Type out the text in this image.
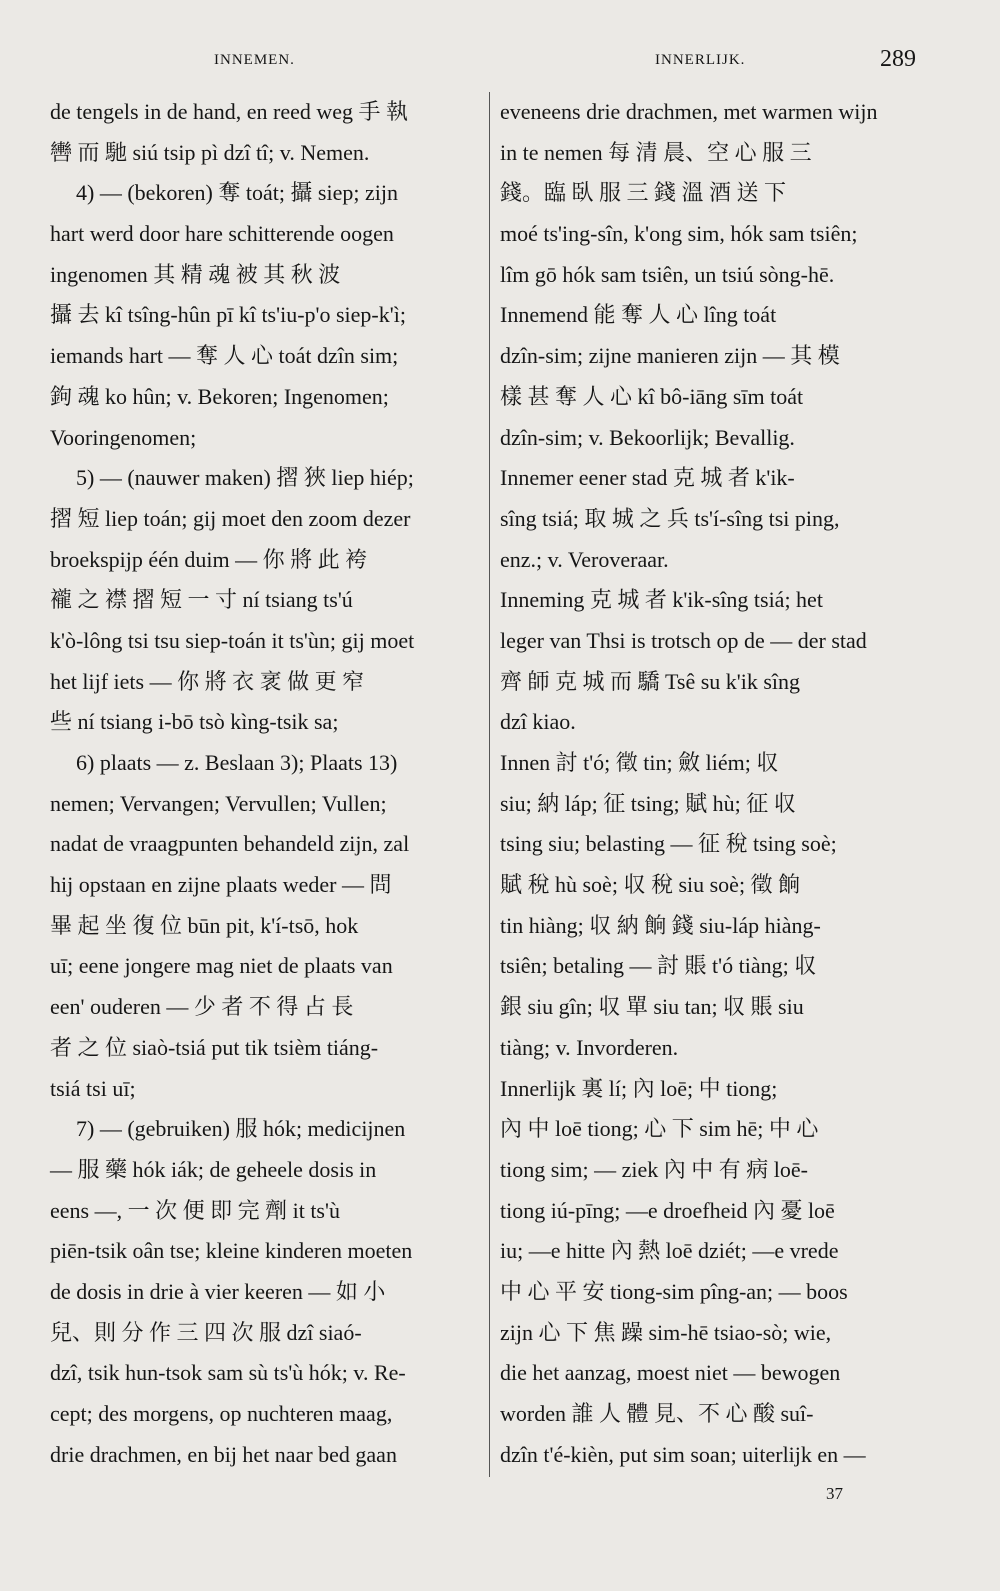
INNEMEN.	INNERLIJK.	289
de tengels in de hand, en reed weg 手 執
轡 而 馳 siú tsip pì dzî tî; v. Nemen.
4) — (bekoren) 奪 toát; 攝 siep; zijn
hart werd door hare schitterende oogen
ingenomen 其 精 魂 被 其 秋 波
攝 去 kî tsîng-hûn pī kî ts'iu-p'o siep-k'ì;
iemands hart — 奪 人 心 toát dzîn sim;
鉤 魂 ko hûn; v. Bekoren; Ingenomen;
Vooringenomen;
5) — (nauwer maken) 摺 狹 liep hiép;
摺 短 liep toán; gij moet den zoom dezer
broekspijp één duim — 你 將 此 袴
襱 之 襟 摺 短 一 寸 ní tsiang ts'ú
k'ò-lông tsi tsu siep-toán it ts'ùn; gij moet
het lijf iets — 你 將 衣 衺 做 更 窄
些 ní tsiang i-bō tsò kìng-tsik sa;
6) plaats — z. Beslaan 3); Plaats 13)
nemen; Vervangen; Vervullen; Vullen;
nadat de vraagpunten behandeld zijn, zal
hij opstaan en zijne plaats weder — 問
畢 起 坐 復 位 būn pit, k'í-tsō, hok
uī; eene jongere mag niet de plaats van
een' ouderen — 少 者 不 得 占 長
者 之 位 siaò-tsiá put tik tsièm tiáng-
tsiá tsi uī;
7) — (gebruiken) 服 hók; medicijnen
— 服 藥 hók iák; de geheele dosis in
eens —, 一 次 便 即 完 劑 it ts'ù
piēn-tsik oân tse; kleine kinderen moeten
de dosis in drie à vier keeren — 如 小
兒、則 分 作 三 四 次 服 dzî siaó-
dzî, tsik hun-tsok sam sù ts'ù hók; v. Re-
cept; des morgens, op nuchteren maag,
drie drachmen, en bij het naar bed gaan
eveneens drie drachmen, met warmen wijn
in te nemen 每 清 晨、空 心 服 三
錢。臨 臥 服 三 錢 溫 酒 送 下
moé ts'ing-sîn, k'ong sim, hók sam tsiên;
lîm gō hók sam tsiên, un tsiú sòng-hē.
Innemend 能 奪 人 心 lîng toát
dzîn-sim; zijne manieren zijn — 其 模
樣 甚 奪 人 心 kî bô-iāng sīm toát
dzîn-sim; v. Bekoorlijk; Bevallig.
Innemer eener stad 克 城 者 k'ik-
sîng tsiá; 取 城 之 兵 ts'í-sîng tsi ping,
enz.; v. Veroveraar.
Inneming 克 城 者 k'ik-sîng tsiá; het
leger van Thsi is trotsch op de — der stad
齊 師 克 城 而 驕 Tsê su k'ik sîng
dzî kiao.
Innen 討 t'ó; 徵 tin; 斂 liém; 収
siu; 納 láp; 征 tsing; 賦 hù; 征 収
tsing siu; belasting — 征 稅 tsing soè;
賦 稅 hù soè; 収 稅 siu soè; 徵 餉
tin hiàng; 収 納 餉 錢 siu-láp hiàng-
tsiên; betaling — 討 賬 t'ó tiàng; 収
銀 siu gîn; 収 單 siu tan; 収 賬 siu
tiàng; v. Invorderen.
Innerlijk 裏 lí; 內 loē; 中 tiong;
內 中 loē tiong; 心 下 sim hē; 中 心
tiong sim; — ziek 內 中 有 病 loē-
tiong iú-pīng; —e droefheid 內 憂 loē
iu; —e hitte 內 熱 loē dziét; —e vrede
中 心 平 安 tiong-sim pîng-an; — boos
zijn 心 下 焦 躁 sim-hē tsiao-sò; wie,
die het aanzag, moest niet — bewogen
worden 誰 人 體 見、不 心 酸 suî-
dzîn t'é-kièn, put sim soan; uiterlijk en —
37
